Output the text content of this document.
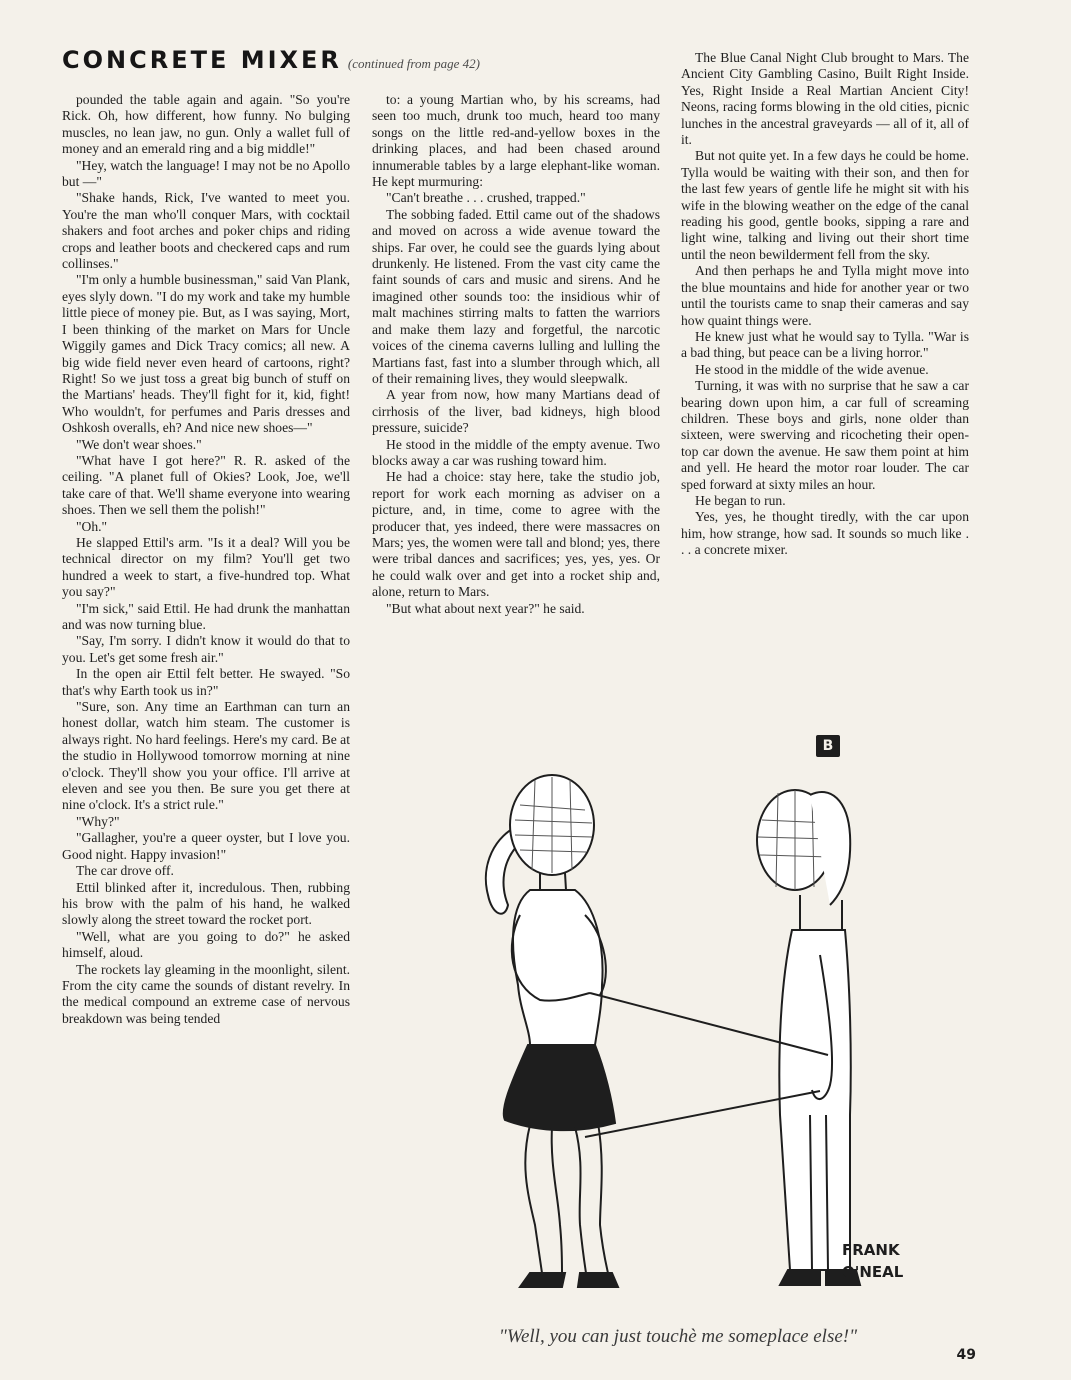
CONCRETE MIXER (continued from page 42)

pounded the table again and again. "So you're Rick. Oh, how different, how funny. No bulging muscles, no lean jaw, no gun. Only a wallet full of money and an emerald ring and a big middle!"

"Hey, watch the language! I may not be no Apollo but —"

"Shake hands, Rick, I've wanted to meet you. You're the man who'll conquer Mars, with cocktail shakers and foot arches and poker chips and riding crops and leather boots and checkered caps and rum collinses."

"I'm only a humble businessman," said Van Plank, eyes slyly down. "I do my work and take my humble little piece of money pie. But, as I was saying, Mort, I been thinking of the market on Mars for Uncle Wiggily games and Dick Tracy comics; all new. A big wide field never even heard of cartoons, right? Right! So we just toss a great big bunch of stuff on the Martians' heads. They'll fight for it, kid, fight! Who wouldn't, for perfumes and Paris dresses and Oshkosh overalls, eh? And nice new shoes—"

"We don't wear shoes."

"What have I got here?" R. R. asked of the ceiling. "A planet full of Okies? Look, Joe, we'll take care of that. We'll shame everyone into wearing shoes. Then we sell them the polish!"

"Oh."

He slapped Ettil's arm. "Is it a deal? Will you be technical director on my film? You'll get two hundred a week to start, a five-hundred top. What you say?"

"I'm sick," said Ettil. He had drunk the manhattan and was now turning blue.

"Say, I'm sorry. I didn't know it would do that to you. Let's get some fresh air."

In the open air Ettil felt better. He swayed. "So that's why Earth took us in?"

"Sure, son. Any time an Earthman can turn an honest dollar, watch him steam. The customer is always right. No hard feelings. Here's my card. Be at the studio in Hollywood tomorrow morning at nine o'clock. They'll show you your office. I'll arrive at eleven and see you then. Be sure you get there at nine o'clock. It's a strict rule."

"Why?"

"Gallagher, you're a queer oyster, but I love you. Good night. Happy invasion!"

The car drove off.

Ettil blinked after it, incredulous. Then, rubbing his brow with the palm of his hand, he walked slowly along the street toward the rocket port.

"Well, what are you going to do?" he asked himself, aloud.

The rockets lay gleaming in the moonlight, silent. From the city came the sounds of distant revelry. In the medical compound an extreme case of nervous breakdown was being tended

to: a young Martian who, by his screams, had seen too much, drunk too much, heard too many songs on the little red-and-yellow boxes in the drinking places, and had been chased around innumerable tables by a large elephant-like woman. He kept murmuring:

"Can't breathe . . . crushed, trapped."

The sobbing faded. Ettil came out of the shadows and moved on across a wide avenue toward the ships. Far over, he could see the guards lying about drunkenly. He listened. From the vast city came the faint sounds of cars and music and sirens. And he imagined other sounds too: the insidious whir of malt machines stirring malts to fatten the warriors and make them lazy and forgetful, the narcotic voices of the cinema caverns lulling and lulling the Martians fast, fast into a slumber through which, all of their remaining lives, they would sleepwalk.

A year from now, how many Martians dead of cirrhosis of the liver, bad kidneys, high blood pressure, suicide?

He stood in the middle of the empty avenue. Two blocks away a car was rushing toward him.

He had a choice: stay here, take the studio job, report for work each morning as adviser on a picture, and, in time, come to agree with the producer that, yes indeed, there were massacres on Mars; yes, the women were tall and blond; yes, there were tribal dances and sacrifices; yes, yes, yes. Or he could walk over and get into a rocket ship and, alone, return to Mars.

"But what about next year?" he said.

The Blue Canal Night Club brought to Mars. The Ancient City Gambling Casino, Built Right Inside. Yes, Right Inside a Real Martian Ancient City! Neons, racing forms blowing in the old cities, picnic lunches in the ancestral graveyards — all of it, all of it.

But not quite yet. In a few days he could be home. Tylla would be waiting with their son, and then for the last few years of gentle life he might sit with his wife in the blowing weather on the edge of the canal reading his good, gentle books, sipping a rare and light wine, talking and living out their short time until the neon bewilderment fell from the sky.

And then perhaps he and Tylla might move into the blue mountains and hide for another year or two until the tourists came to snap their cameras and say how quaint things were.

He knew just what he would say to Tylla. "War is a bad thing, but peace can be a living horror."

He stood in the middle of the wide avenue.

Turning, it was with no surprise that he saw a car bearing down upon him, a car full of screaming children. These boys and girls, none older than sixteen, were swerving and ricocheting their open-top car down the avenue. He saw them point at him and yell. He heard the motor roar louder. The car sped forward at sixty miles an hour.

He began to run.

Yes, yes, he thought tiredly, with the car upon him, how strange, how sad. It sounds so much like . . . a concrete mixer.

B
FRANK
O'NEAL
"Well, you can just touchè me someplace else!"
49
